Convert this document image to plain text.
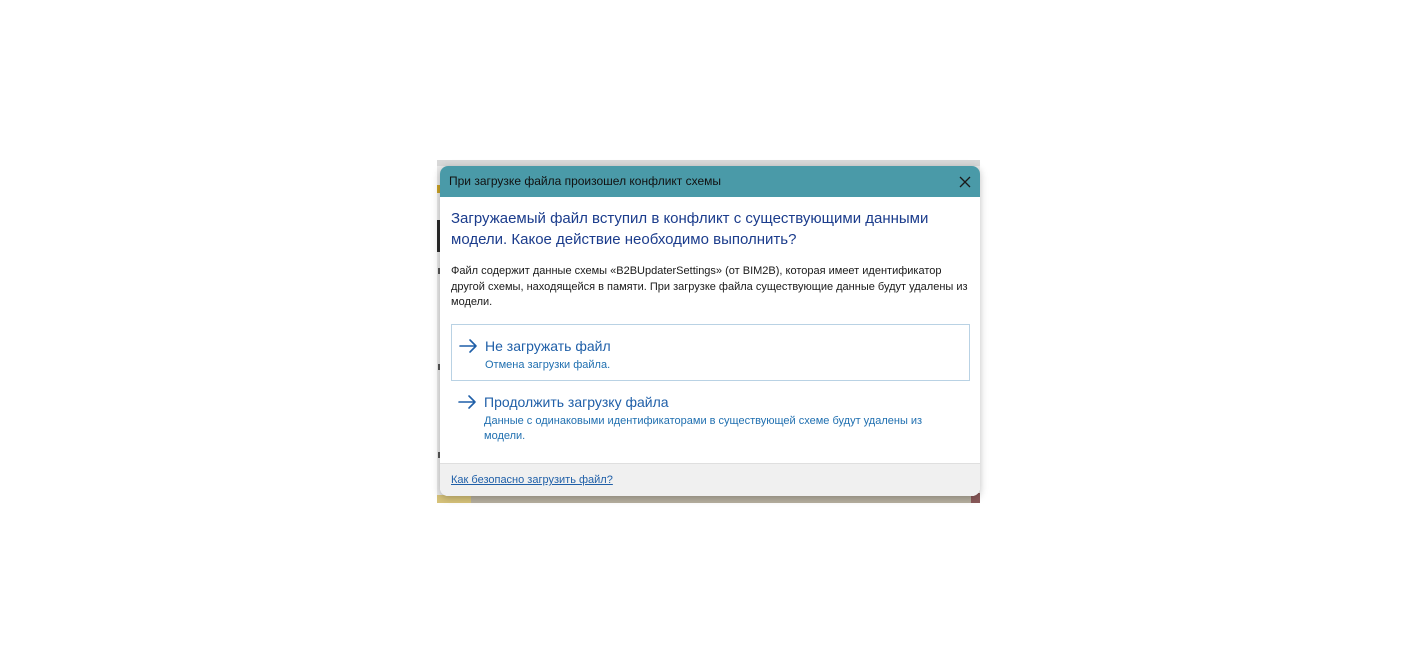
При загрузке файла произошел конфликт схемы

Загружаемый файл вступил в конфликт с существующими данными модели. Какое действие необходимо выполнить?

Файл содержит данные схемы «B2BUpdaterSettings» (от BIM2B), которая имеет идентификатор другой схемы, находящейся в памяти. При загрузке файла существующие данные будут удалены из модели.
Не загружать файл
Отмена загрузки файла.
Продолжить загрузку файла
Данные с одинаковыми идентификаторами в существующей схеме будут удалены из модели.
Как безопасно загрузить файл?
